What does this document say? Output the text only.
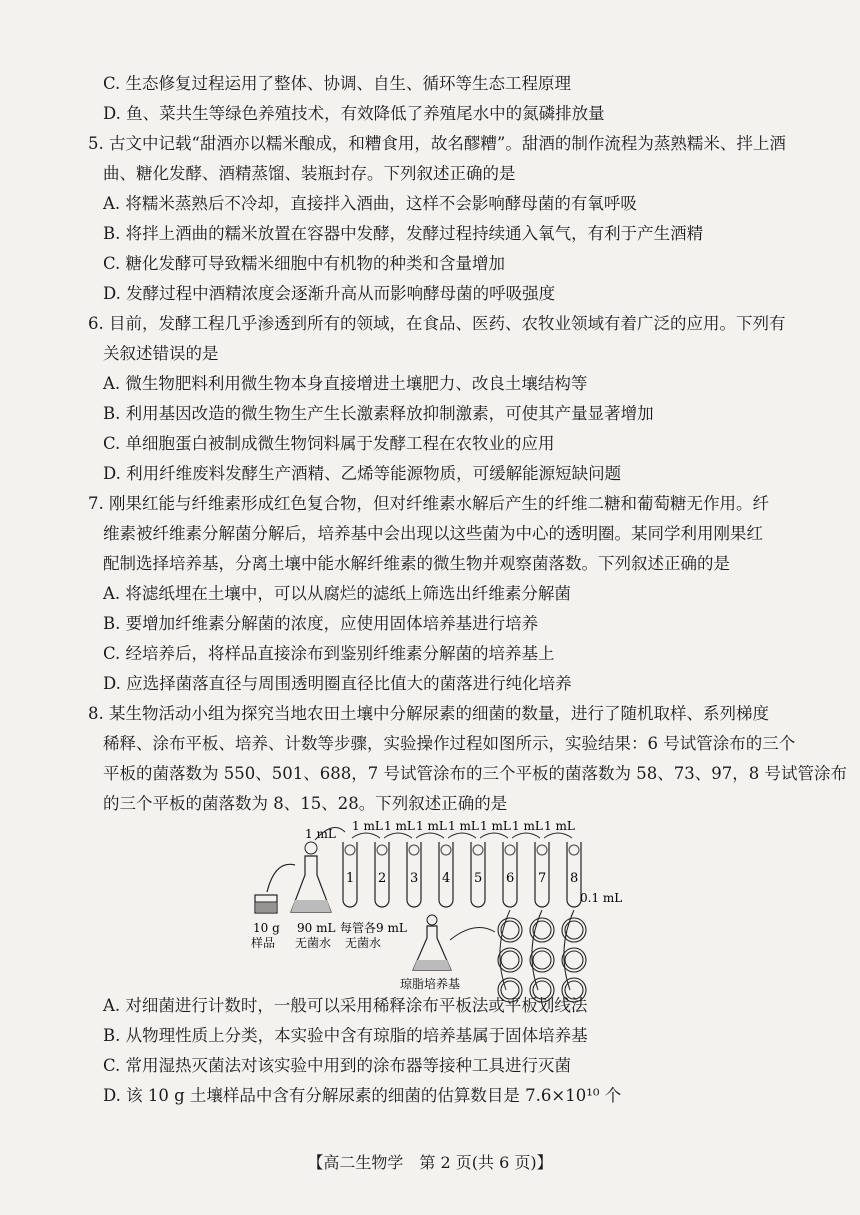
C. 生态修复过程运用了整体、协调、自生、循环等生态工程原理
D. 鱼、菜共生等绿色养殖技术，有效降低了养殖尾水中的氮磷排放量
5. 古文中记载“甜酒亦以糯米酿成，和糟食用，故名醪糟”。甜酒的制作流程为蒸熟糯米、拌上酒
曲、糖化发酵、酒精蒸馏、装瓶封存。下列叙述正确的是
A. 将糯米蒸熟后不冷却，直接拌入酒曲，这样不会影响酵母菌的有氧呼吸
B. 将拌上酒曲的糯米放置在容器中发酵，发酵过程持续通入氧气，有利于产生酒精
C. 糖化发酵可导致糯米细胞中有机物的种类和含量增加
D. 发酵过程中酒精浓度会逐渐升高从而影响酵母菌的呼吸强度
6. 目前，发酵工程几乎渗透到所有的领域，在食品、医药、农牧业领域有着广泛的应用。下列有
关叙述错误的是
A. 微生物肥料利用微生物本身直接增进土壤肥力、改良土壤结构等
B. 利用基因改造的微生物生产生长激素释放抑制激素，可使其产量显著增加
C. 单细胞蛋白被制成微生物饲料属于发酵工程在农牧业的应用
D. 利用纤维废料发酵生产酒精、乙烯等能源物质，可缓解能源短缺问题
7. 刚果红能与纤维素形成红色复合物，但对纤维素水解后产生的纤维二糖和葡萄糖无作用。纤
维素被纤维素分解菌分解后，培养基中会出现以这些菌为中心的透明圈。某同学利用刚果红
配制选择培养基，分离土壤中能水解纤维素的微生物并观察菌落数。下列叙述正确的是
A. 将滤纸埋在土壤中，可以从腐烂的滤纸上筛选出纤维素分解菌
B. 要增加纤维素分解菌的浓度，应使用固体培养基进行培养
C. 经培养后，将样品直接涂布到鉴别纤维素分解菌的培养基上
D. 应选择菌落直径与周围透明圈直径比值大的菌落进行纯化培养
8. 某生物活动小组为探究当地农田土壤中分解尿素的细菌的数量，进行了随机取样、系列梯度
稀释、涂布平板、培养、计数等步骤，实验操作过程如图所示，实验结果：6 号试管涂布的三个
平板的菌落数为 550、501、688，7 号试管涂布的三个平板的菌落数为 58、73、97，8 号试管涂布
的三个平板的菌落数为 8、15、28。下列叙述正确的是
1 mL
10 g
样品
90 mL
无菌水
1 2 3 4 5 6 7 8
1 mL 1 mL 1 mL 1 mL 1 mL 1 mL 1 mL
0.1 mL
每管各9 mL
无菌水
琼脂培养基
A. 对细菌进行计数时，一般可以采用稀释涂布平板法或平板划线法
B. 从物理性质上分类，本实验中含有琼脂的培养基属于固体培养基
C. 常用湿热灭菌法对该实验中用到的涂布器等接种工具进行灭菌
D. 该 10 g 土壤样品中含有分解尿素的细菌的估算数目是 7.6×10¹⁰ 个
【高二生物学　第 2 页(共 6 页)】
